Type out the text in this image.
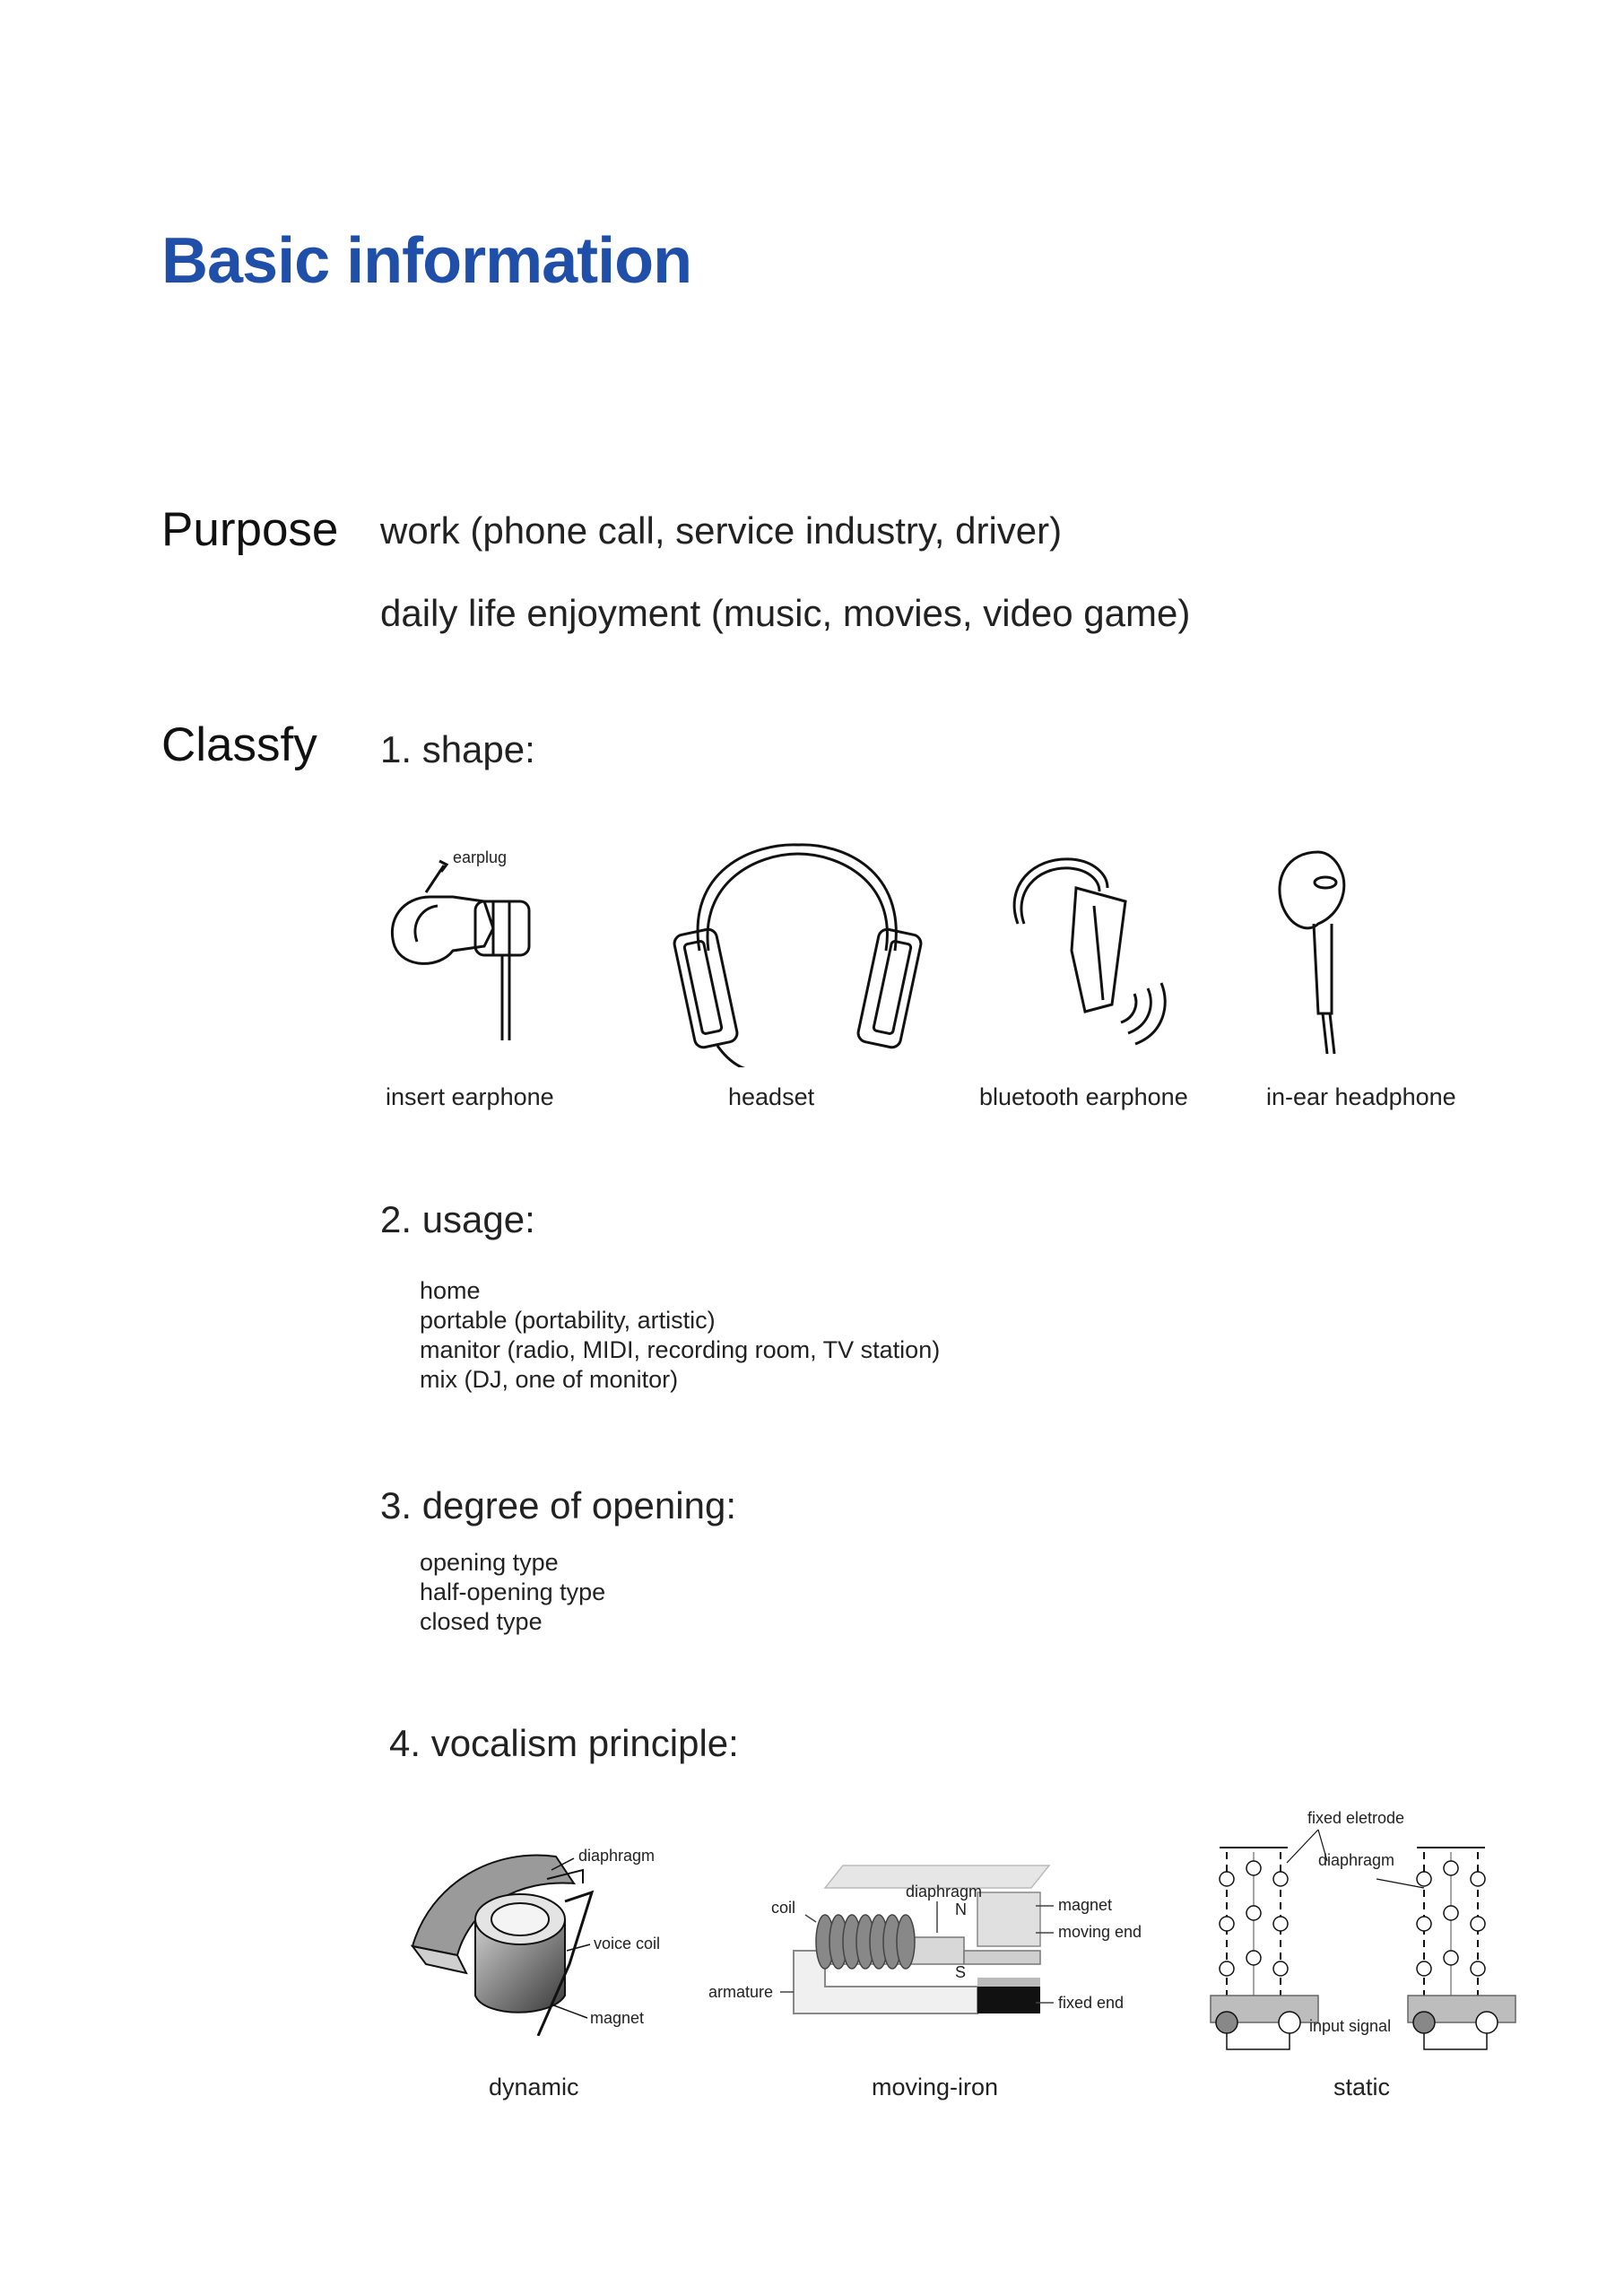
Basic information
Purpose work (phone call, service industry, driver)
daily life enjoyment (music, movies, video game)
Classfy 1. shape:
earplug
insert earphone	headset	bluetooth earphone	in-ear headphone
2. usage:
home
portable (portability, artistic)
manitor (radio, MIDI, recording room, TV station)
mix (DJ, one of monitor)
3. degree of opening:
opening type
half-opening type
closed type
4. vocalism principle:
diaphragm
voice coil
magnet
N
S
coil
diaphragm
magnet
moving end
armature
fixed end
fixed eletrode
diaphragm
input signal
dynamic	moving-iron	static
